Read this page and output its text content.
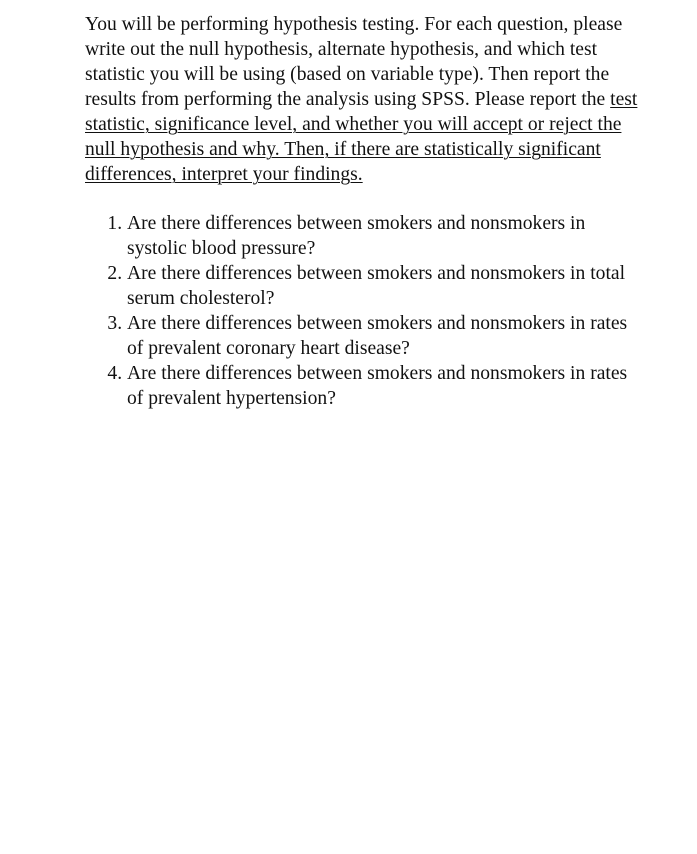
You will be performing hypothesis testing. For each question, please write out the null hypothesis, alternate hypothesis, and which test statistic you will be using (based on variable type). Then report the results from performing the analysis using SPSS. Please report the test statistic, significance level, and whether you will accept or reject the null hypothesis and why. Then, if there are statistically significant differences, interpret your findings.

1. Are there differences between smokers and nonsmokers in systolic blood pressure?
2. Are there differences between smokers and nonsmokers in total serum cholesterol?
3. Are there differences between smokers and nonsmokers in rates of prevalent coronary heart disease?
4. Are there differences between smokers and nonsmokers in rates of prevalent hypertension?
